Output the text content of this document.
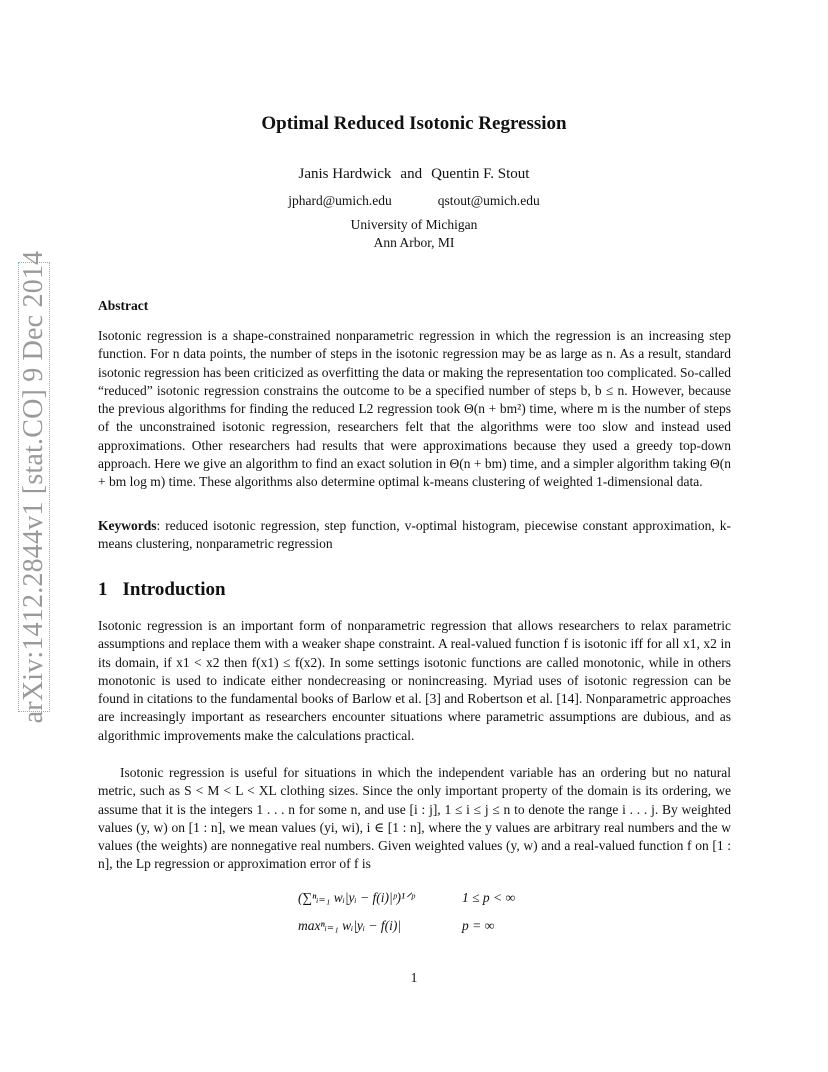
arXiv:1412.2844v1 [stat.CO] 9 Dec 2014
Optimal Reduced Isotonic Regression
Janis Hardwick and Quentin F. Stout
jphard@umich.edu	qstout@umich.edu
University of Michigan
Ann Arbor, MI
Abstract

Isotonic regression is a shape-constrained nonparametric regression in which the regression is an increasing step function. For n data points, the number of steps in the isotonic regression may be as large as n. As a result, standard isotonic regression has been criticized as overfitting the data or making the representation too complicated. So-called “reduced” isotonic regression constrains the outcome to be a specified number of steps b, b ≤ n. However, because the previous algorithms for finding the reduced L2 regression took Θ(n + bm²) time, where m is the number of steps of the unconstrained isotonic regression, researchers felt that the algorithms were too slow and instead used approximations. Other researchers had results that were approximations because they used a greedy top-down approach. Here we give an algorithm to find an exact solution in Θ(n + bm) time, and a simpler algorithm taking Θ(n + bm log m) time. These algorithms also determine optimal k-means clustering of weighted 1-dimensional data.

Keywords: reduced isotonic regression, step function, v-optimal histogram, piecewise constant approximation, k-means clustering, nonparametric regression

1 Introduction

Isotonic regression is an important form of nonparametric regression that allows researchers to relax parametric assumptions and replace them with a weaker shape constraint. A real-valued function f is isotonic iff for all x1, x2 in its domain, if x1 < x2 then f(x1) ≤ f(x2). In some settings isotonic functions are called monotonic, while in others monotonic is used to indicate either nondecreasing or nonincreasing. Myriad uses of isotonic regression can be found in citations to the fundamental books of Barlow et al. [3] and Robertson et al. [14]. Nonparametric approaches are increasingly important as researchers encounter situations where parametric assumptions are dubious, and as algorithmic improvements make the calculations practical.

Isotonic regression is useful for situations in which the independent variable has an ordering but no natural metric, such as S < M < L < XL clothing sizes. Since the only important property of the domain is its ordering, we assume that it is the integers 1 . . . n for some n, and use [i : j], 1 ≤ i ≤ j ≤ n to denote the range i . . . j. By weighted values (y, w) on [1 : n], we mean values (yi, wi), i ∈ [1 : n], where the y values are arbitrary real numbers and the w values (the weights) are nonnegative real numbers. Given weighted values (y, w) and a real-valued function f on [1 : n], the Lp regression or approximation error of f is

(∑ⁿᵢ₌₁ wᵢ|yᵢ − f(i)|ᵖ)¹ᐟᵖ	1 ≤ p < ∞
maxⁿᵢ₌₁ wᵢ|yᵢ − f(i)|	p = ∞
1
